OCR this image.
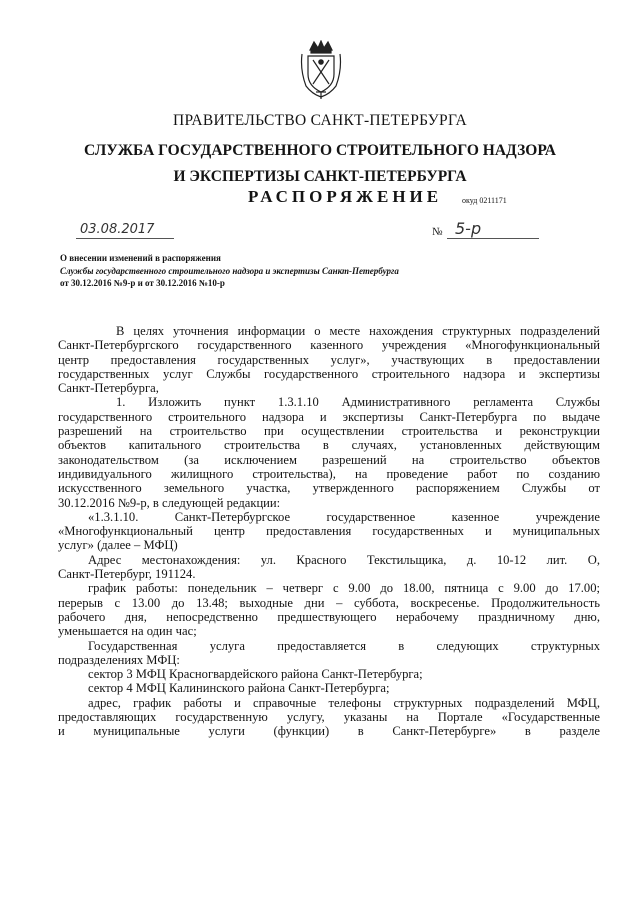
ПРАВИТЕЛЬСТВО САНКТ-ПЕТЕРБУРГА
СЛУЖБА ГОСУДАРСТВЕННОГО СТРОИТЕЛЬНОГО НАДЗОРА
И ЭКСПЕРТИЗЫ САНКТ-ПЕТЕРБУРГА
РАСПОРЯЖЕНИЕ окуд 0211171
03.08.2017	№ 5-р
О внесении изменений в распоряжения
Службы государственного строительного надзора и экспертизы Санкт-Петербурга
от 30.12.2016 №9-р и от 30.12.2016 №10-р
В целях уточнения информации о месте нахождения структурных подразделений
Санкт-Петербургского государственного казенного учреждения «Многофункциональный
центр предоставления государственных услуг», участвующих в предоставлении
государственных услуг Службы государственного строительного надзора и экспертизы
Санкт-Петербурга,
1. Изложить пункт 1.3.1.10 Административного регламента Службы
государственного строительного надзора и экспертизы Санкт-Петербурга по выдаче
разрешений на строительство при осуществлении строительства и реконструкции
объектов капитального строительства в случаях, установленных действующим
законодательством (за исключением разрешений на строительство объектов
индивидуального жилищного строительства), на проведение работ по созданию
искусственного земельного участка, утвержденного распоряжением Службы от
30.12.2016 №9-р, в следующей редакции:
«1.3.1.10. Санкт-Петербургское государственное казенное учреждение
«Многофункциональный центр предоставления государственных и муниципальных
услуг» (далее – МФЦ)
Адрес местонахождения: ул. Красного Текстильщика, д. 10-12 лит. О,
Санкт-Петербург, 191124.
график работы: понедельник – четверг с 9.00 до 18.00, пятница с 9.00 до 17.00;
перерыв с 13.00 до 13.48; выходные дни – суббота, воскресенье. Продолжительность
рабочего дня, непосредственно предшествующего нерабочему праздничному дню,
уменьшается на один час;
Государственная услуга предоставляется в следующих структурных
подразделениях МФЦ:
сектор 3 МФЦ Красногвардейского района Санкт-Петербурга;
сектор 4 МФЦ Калининского района Санкт-Петербурга;
адрес, график работы и справочные телефоны структурных подразделений МФЦ,
предоставляющих государственную услугу, указаны на Портале «Государственные
и муниципальные услуги (функции) в Санкт-Петербурге» в разделе
